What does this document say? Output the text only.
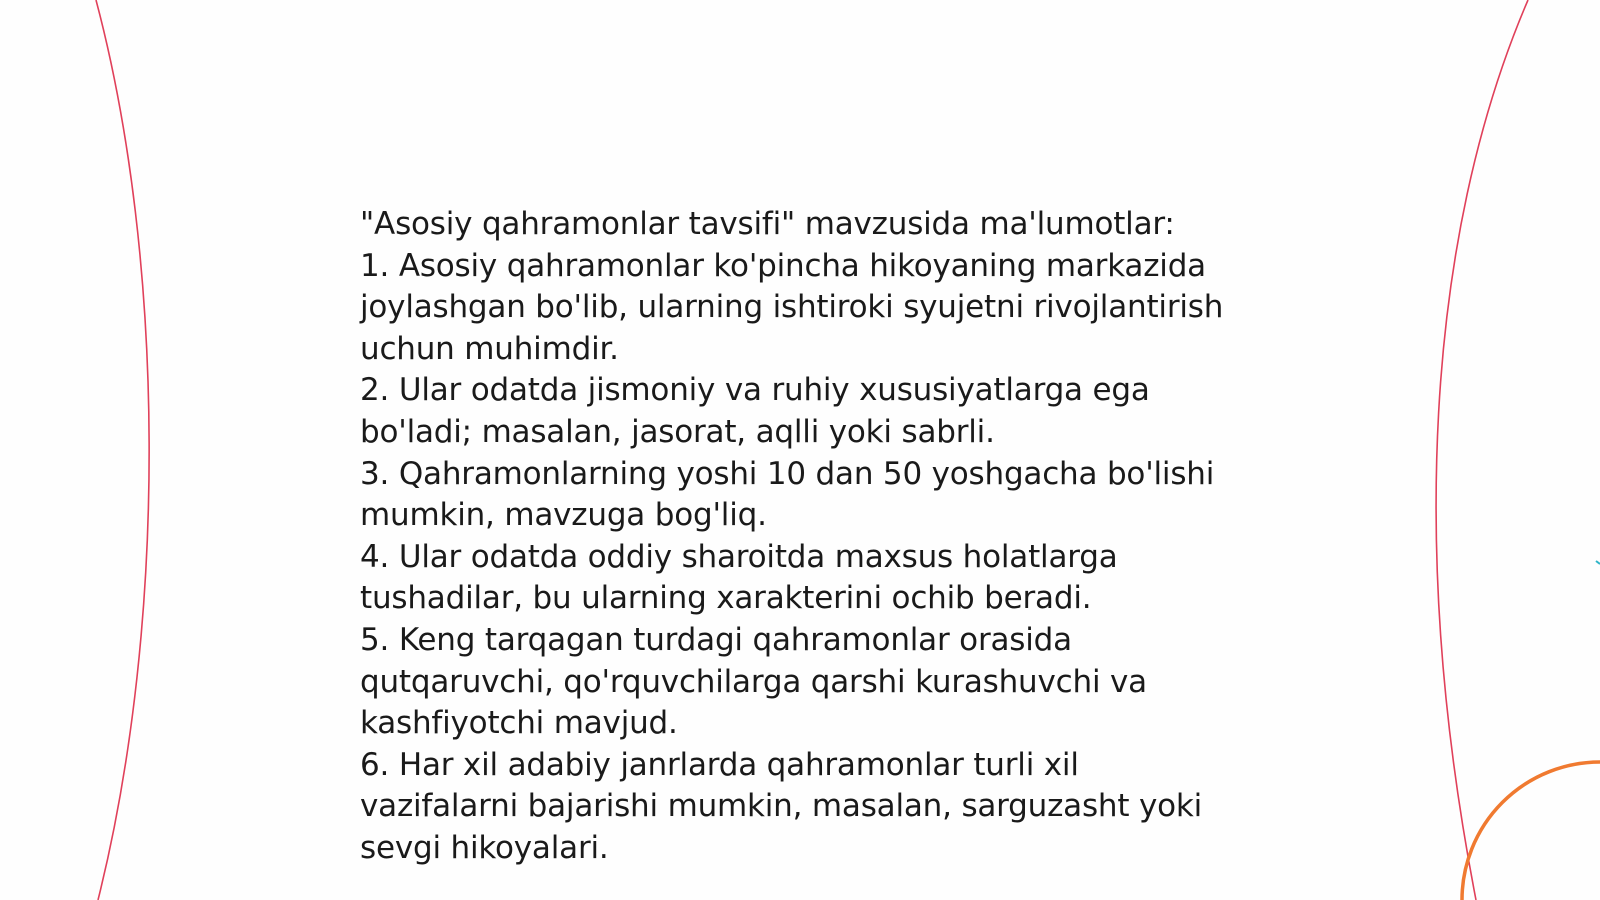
"Asosiy qahramonlar tavsifi" mavzusida ma'lumotlar:

1. Asosiy qahramonlar ko'pincha hikoyaning markazida joylashgan bo'lib, ularning ishtiroki syujetni rivojlantirish uchun muhimdir.

2. Ular odatda jismoniy va ruhiy xususiyatlarga ega bo'ladi; masalan, jasorat, aqlli yoki sabrli.

3. Qahramonlarning yoshi 10 dan 50 yoshgacha bo'lishi mumkin, mavzuga bog'liq.

4. Ular odatda oddiy sharoitda maxsus holatlarga tushadilar, bu ularning xarakterini ochib beradi.

5. Keng tarqagan turdagi qahramonlar orasida qutqaruvchi, qo'rquvchilarga qarshi kurashuvchi va kashfiyotchi mavjud.

6. Har xil adabiy janrlarda qahramonlar turli xil vazifalarni bajarishi mumkin, masalan, sarguzasht yoki sevgi hikoyalari.
